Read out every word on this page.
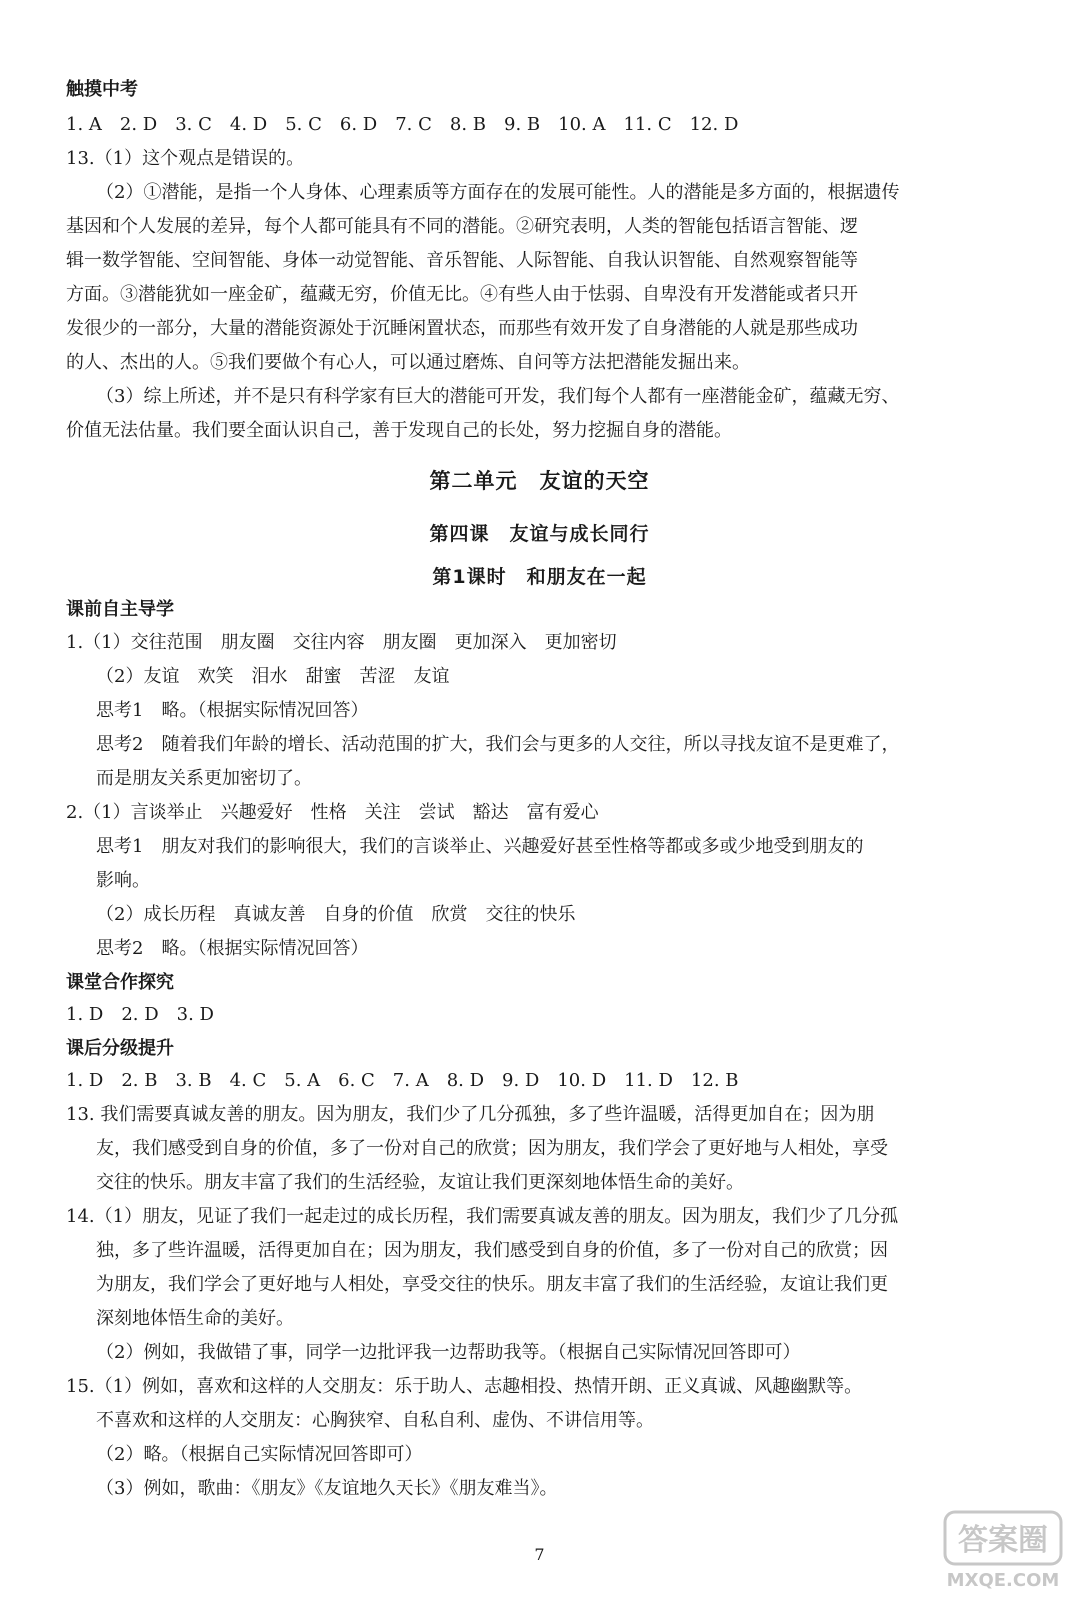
触摸中考
1. A　2. D　3. C　4. D　5. C　6. D　7. C　8. B　9. B　10. A　11. C　12. D
13.（1）这个观点是错误的。
（2）①潜能，是指一个人身体、心理素质等方面存在的发展可能性。人的潜能是多方面的，根据遗传
基因和个人发展的差异，每个人都可能具有不同的潜能。②研究表明，人类的智能包括语言智能、逻
辑一数学智能、空间智能、身体一动觉智能、音乐智能、人际智能、自我认识智能、自然观察智能等
方面。③潜能犹如一座金矿，蕴藏无穷，价值无比。④有些人由于怯弱、自卑没有开发潜能或者只开
发很少的一部分，大量的潜能资源处于沉睡闲置状态，而那些有效开发了自身潜能的人就是那些成功
的人、杰出的人。⑤我们要做个有心人，可以通过磨炼、自问等方法把潜能发掘出来。
（3）综上所述，并不是只有科学家有巨大的潜能可开发，我们每个人都有一座潜能金矿，蕴藏无穷、
价值无法估量。我们要全面认识自己，善于发现自己的长处，努力挖掘自身的潜能。
第二单元　友谊的天空
第四课　友谊与成长同行
第1课时　和朋友在一起
课前自主导学
1.（1）交往范围　朋友圈　交往内容　朋友圈　更加深入　更加密切
（2）友谊　欢笑　泪水　甜蜜　苦涩　友谊
思考1　略。（根据实际情况回答）
思考2　随着我们年龄的增长、活动范围的扩大，我们会与更多的人交往，所以寻找友谊不是更难了，
而是朋友关系更加密切了。
2.（1）言谈举止　兴趣爱好　性格　关注　尝试　豁达　富有爱心
思考1　朋友对我们的影响很大，我们的言谈举止、兴趣爱好甚至性格等都或多或少地受到朋友的
影响。
（2）成长历程　真诚友善　自身的价值　欣赏　交往的快乐
思考2　略。（根据实际情况回答）
课堂合作探究
1. D　2. D　3. D
课后分级提升
1. D　2. B　3. B　4. C　5. A　6. C　7. A　8. D　9. D　10. D　11. D　12. B
13. 我们需要真诚友善的朋友。因为朋友，我们少了几分孤独，多了些许温暖，活得更加自在；因为朋
友，我们感受到自身的价值，多了一份对自己的欣赏；因为朋友，我们学会了更好地与人相处，享受
交往的快乐。朋友丰富了我们的生活经验，友谊让我们更深刻地体悟生命的美好。
14.（1）朋友，见证了我们一起走过的成长历程，我们需要真诚友善的朋友。因为朋友，我们少了几分孤
独，多了些许温暖，活得更加自在；因为朋友，我们感受到自身的价值，多了一份对自己的欣赏；因
为朋友，我们学会了更好地与人相处，享受交往的快乐。朋友丰富了我们的生活经验，友谊让我们更
深刻地体悟生命的美好。
（2）例如，我做错了事，同学一边批评我一边帮助我等。（根据自己实际情况回答即可）
15.（1）例如，喜欢和这样的人交朋友：乐于助人、志趣相投、热情开朗、正义真诚、风趣幽默等。
不喜欢和这样的人交朋友：心胸狭窄、自私自利、虚伪、不讲信用等。
（2）略。（根据自己实际情况回答即可）
（3）例如，歌曲：《朋友》《友谊地久天长》《朋友难当》。
7	答案圈
MXQE.COM
